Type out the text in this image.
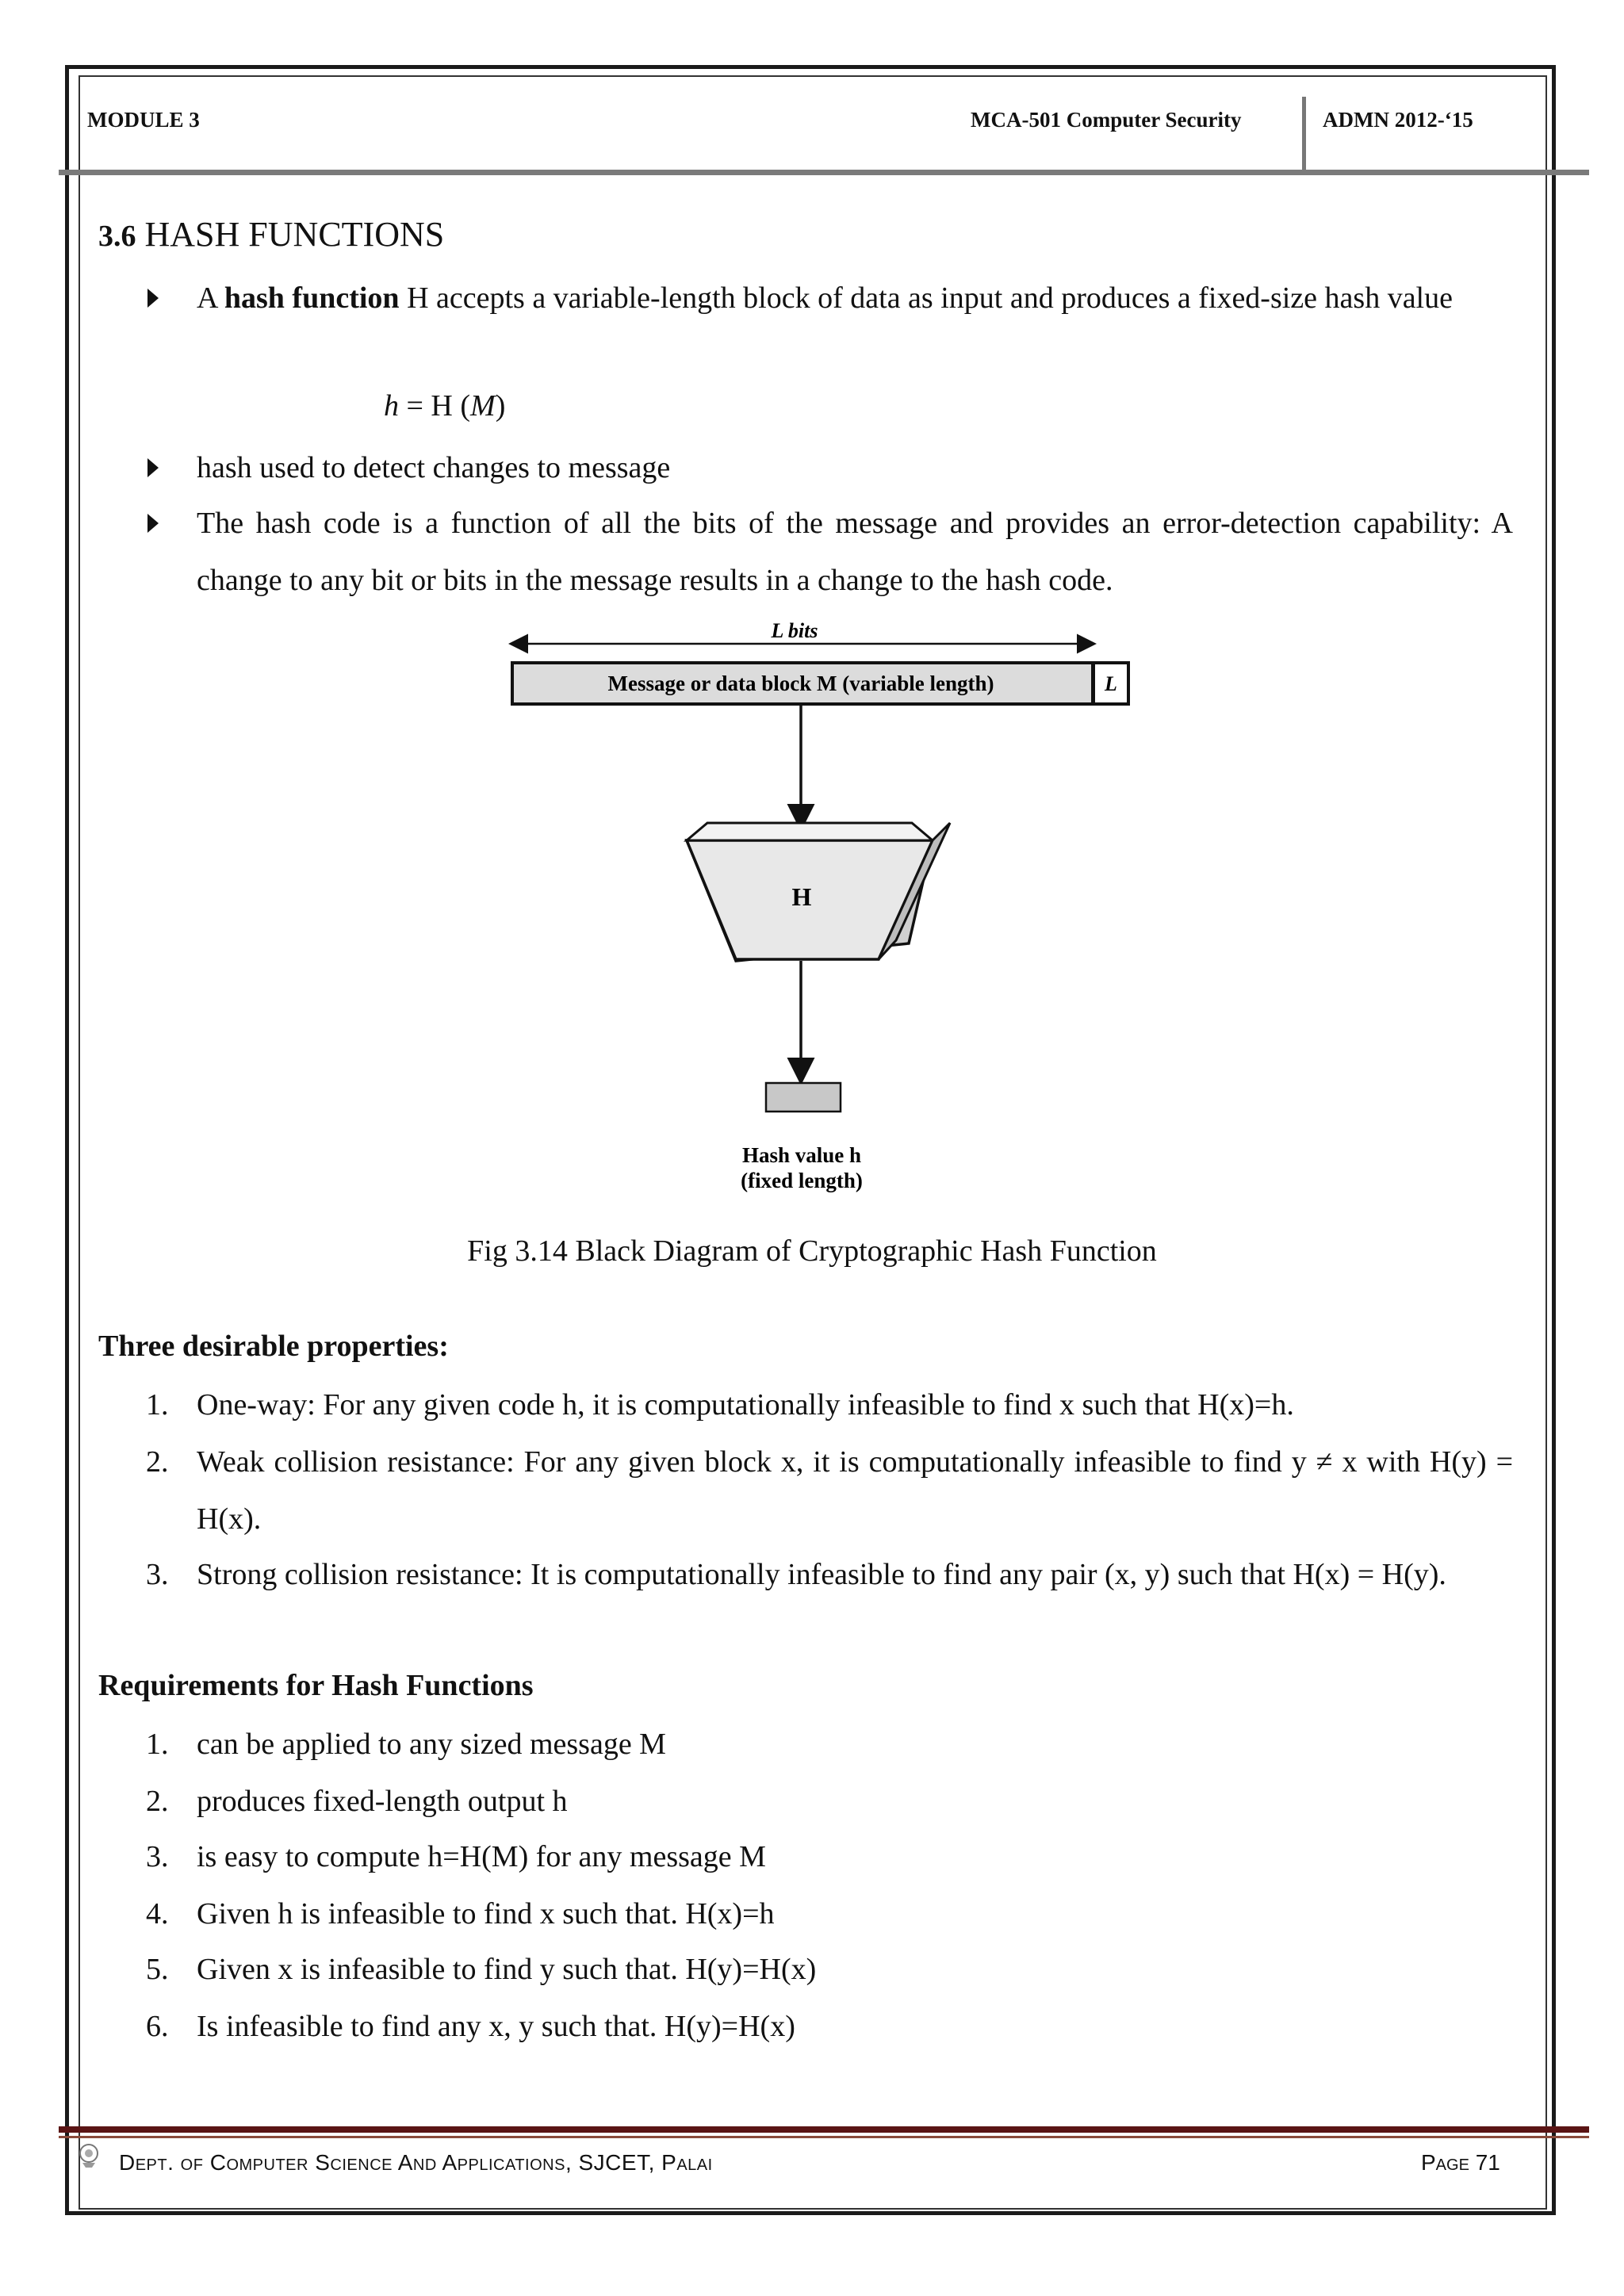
MODULE 3	MCA-501 Computer Security	ADMN 2012-‘15
3.6 HASH FUNCTIONS
A hash function H accepts a variable-length block of data as input and produces a fixed-size hash value
h = H (M)
hash used to detect changes to message
The hash code is a function of all the bits of the message and provides an error-detection capability: A change to any bit or bits in the message results in a change to the hash code.
L bits
Message or data block M (variable length)	L
H
Hash value h
(fixed length)
Fig 3.14 Black Diagram of Cryptographic Hash Function
Three desirable properties:
1. One-way: For any given code h, it is computationally infeasible to find x such that H(x)=h.
2. Weak collision resistance: For any given block x, it is computationally infeasible to find y ≠ x with H(y) = H(x).
3. Strong collision resistance: It is computationally infeasible to find any pair (x, y) such that H(x) = H(y).
Requirements for Hash Functions
1. can be applied to any sized message M
2. produces fixed-length output h
3. is easy to compute h=H(M) for any message M
4. Given h is infeasible to find x such that. H(x)=h
5. Given x is infeasible to find y such that. H(y)=H(x)
6. Is infeasible to find any x, y such that. H(y)=H(x)
Dept. of Computer Science And Applications, SJCET, Palai	Page 71
